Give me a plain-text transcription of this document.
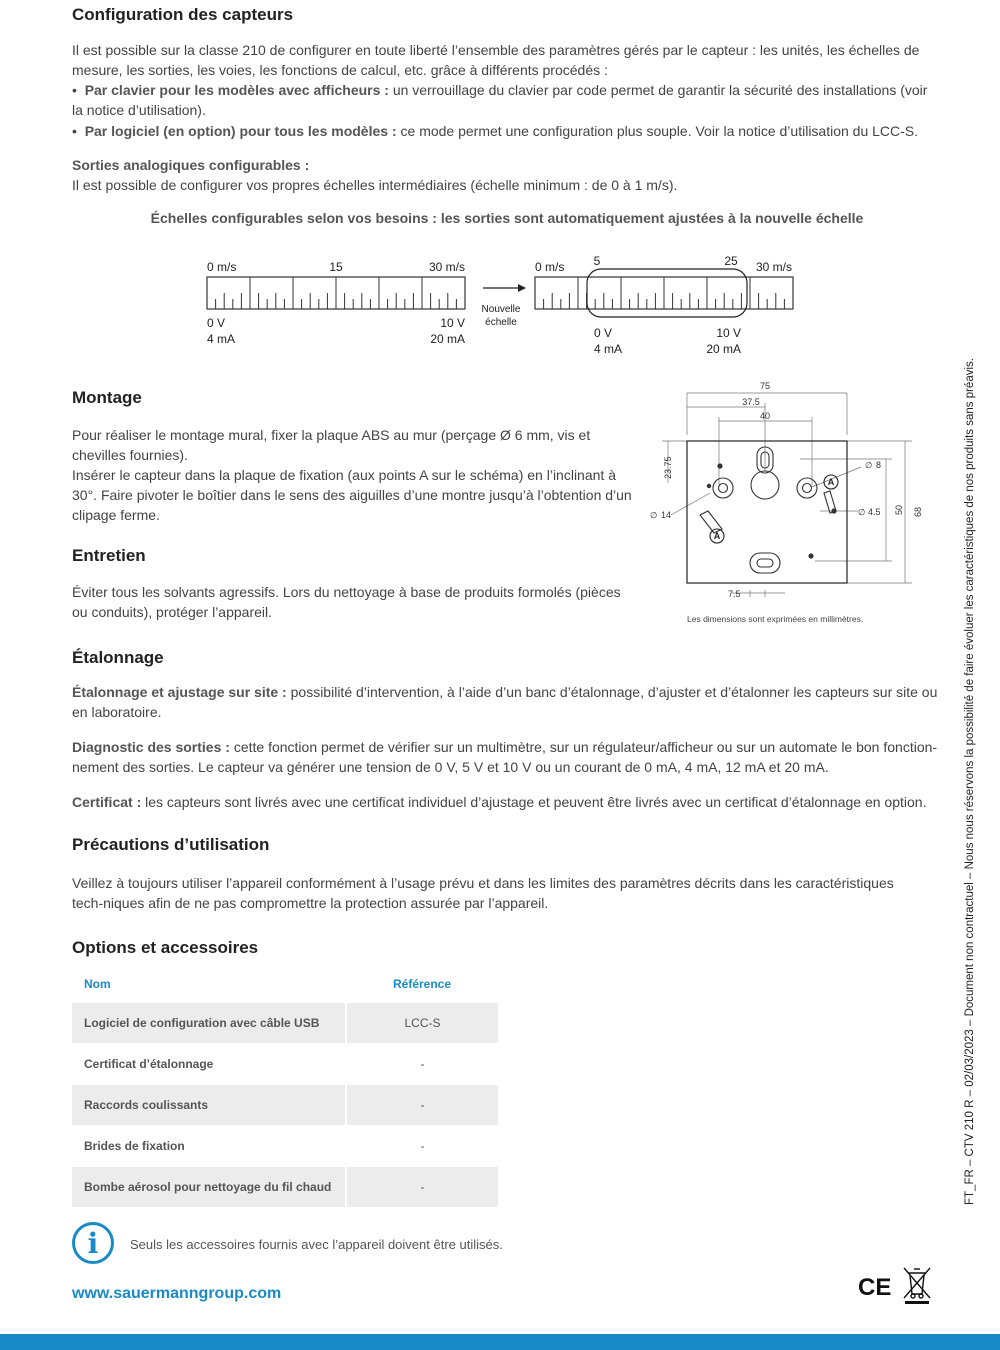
Configuration des capteurs

Il est possible sur la classe 210 de configurer en toute liberté l’ensemble des paramètres gérés par le capteur : les unités, les échelles de mesure, les sorties, les voies, les fonctions de calcul, etc. grâce à différents procédés :

•  Par clavier pour les modèles avec afficheurs : un verrouillage du clavier par code permet de garantir la sécurité des installations (voir la notice d’utilisation).
•  Par logiciel (en option) pour tous les modèles : ce mode permet une configuration plus souple. Voir la notice d’utilisation du LCC-S.

Sorties analogiques configurables :

Il est possible de configurer vos propres échelles intermédiaires (échelle minimum : de 0 à 1 m/s).

Échelles configurables selon vos besoins : les sorties sont automatiquement ajustées à la nouvelle échelle
0 m/s	15	30 m/s
0 V
4 mA
10 V
20 mA
Nouvelle
échelle
0 m/s 5	25 30 m/s
0 V
4 mA
10 V
20 mA
Montage

Pour réaliser le montage mural, fixer la plaque ABS au mur (perçage Ø 6 mm, vis et chevilles fournies).

Insérer le capteur dans la plaque de fixation (aux points A sur le schéma) en l’inclinant à 30°. Faire pivoter le boîtier dans le sens des aiguilles d’une montre jusqu’à l’obtention d’un clipage ferme.

A
A
75
37.5
40
8
4.5
14
7.5
∅
∅
∅
23.75
50 68
Les dimensions sont exprimées en millimètres.
Entretien

Éviter tous les solvants agressifs. Lors du nettoyage à base de produits formolés (pièces ou conduits), protéger l’appareil.

Étalonnage

Étalonnage et ajustage sur site : possibilité d’intervention, à l’aide d’un banc d’étalonnage, d’ajuster et d’étalonner les capteurs sur site ou en laboratoire.

Diagnostic des sorties : cette fonction permet de vérifier sur un multimètre, sur un régulateur/afficheur ou sur un automate le bon fonction-nement des sorties. Le capteur va générer une tension de 0 V, 5 V et 10 V ou un courant de 0 mA, 4 mA, 12 mA et 20 mA.

Certificat : les capteurs sont livrés avec une certificat individuel d’ajustage et peuvent être livrés avec un certificat d’étalonnage en option.

Précautions d’utilisation

Veillez à toujours utiliser l’appareil conformément à l’usage prévu et dans les limites des paramètres décrits dans les caractéristiques tech-niques afin de ne pas compromettre la protection assurée par l’appareil.

Options et accessoires
Nom	Référence
Logiciel de configuration avec câble USB	LCC-S
Certificat d’étalonnage	-
Raccords coulissants	-
Brides de fixation	-
Bombe aérosol pour nettoyage du fil chaud	-
i	Seuls les accessoires fournis avec l’appareil doivent être utilisés.
www.sauermanngroup.com
FT_FR – CTV 210 R – 02/03/2023 – Document non contractuel – Nous nous réservons la possibilité de faire évoluer les caractéristiques de nos produits sans préavis.
CE
